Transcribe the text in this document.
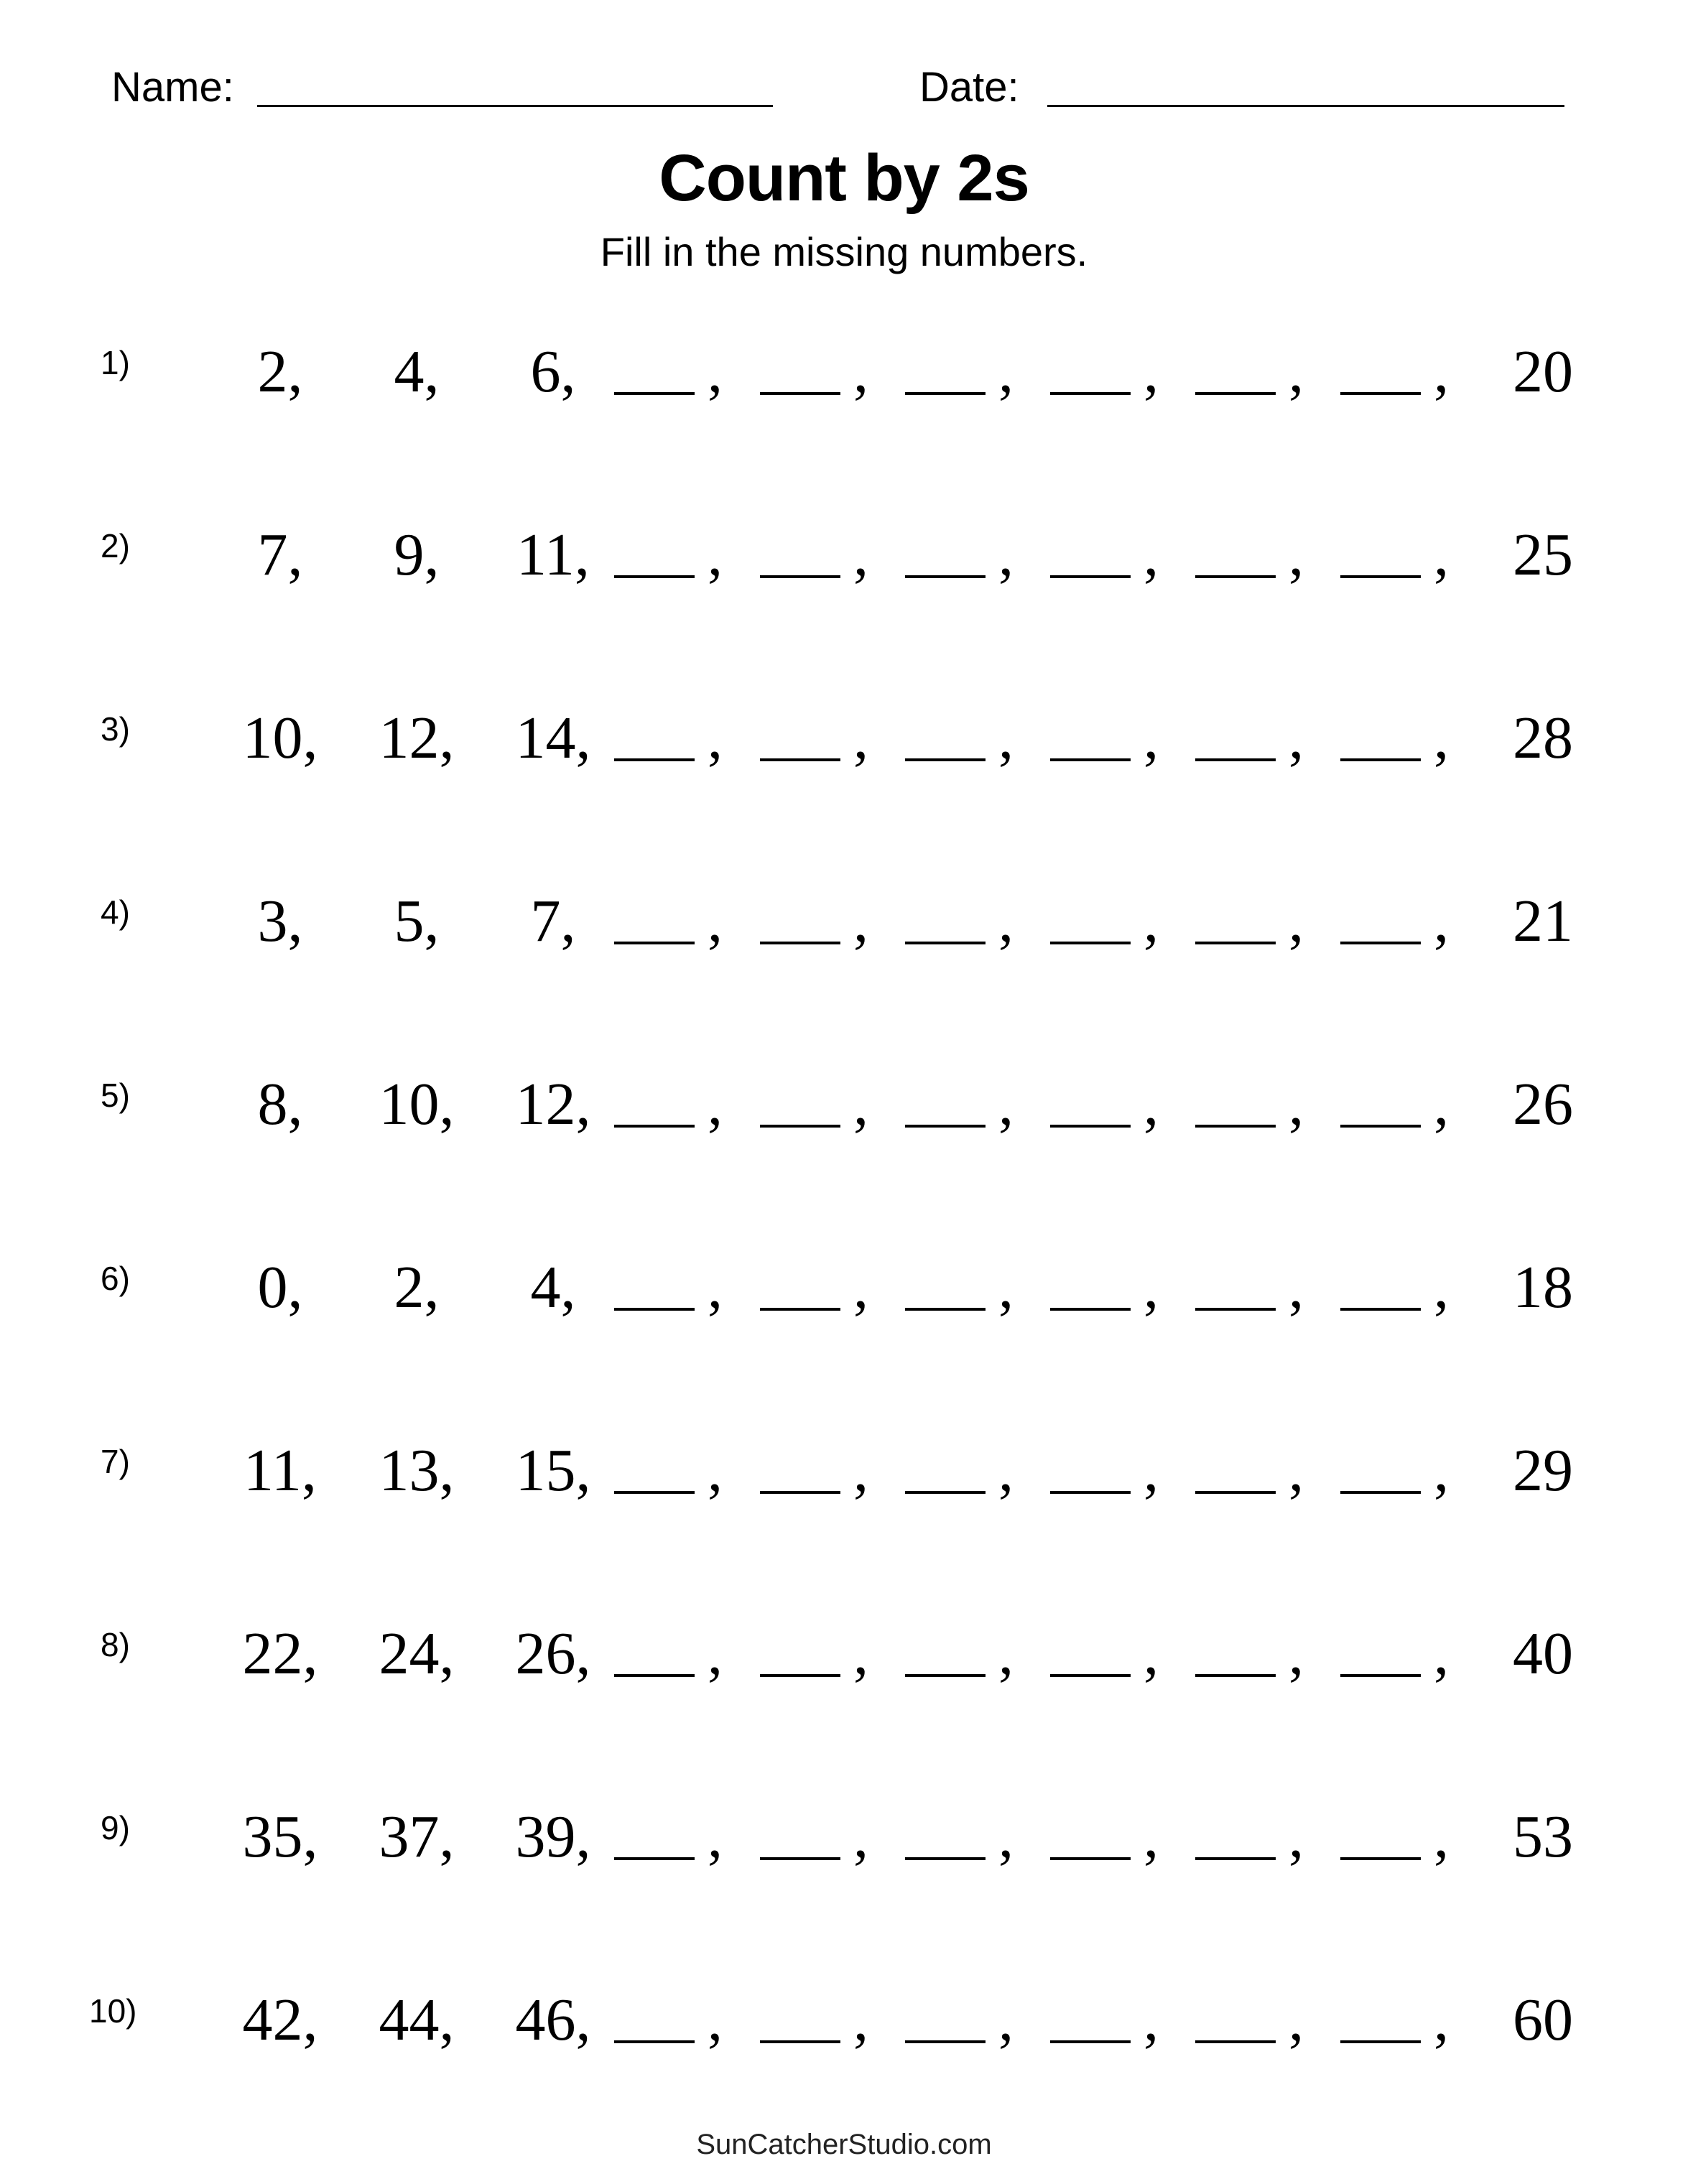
Name:	Date:
Count by 2s
Fill in the missing numbers.
1)	2,	4,	6,	, , , , , ,	20
2)	7,	9,	11, , , , , , ,	25
3) 10, 12, 14, , , , , , ,	28
4)	3,	5,	7,	, , , , , ,	21
5)	8,	10, 12, , , , , , ,	26
6)	0,	2,	4,	, , , , , ,	18
7) 11, 13, 15, , , , , , ,	29
8) 22, 24, 26, , , , , , ,	40
9) 35, 37, 39, , , , , , ,	53
10) 42, 44, 46, , , , , , ,	60
SunCatcherStudio.com
